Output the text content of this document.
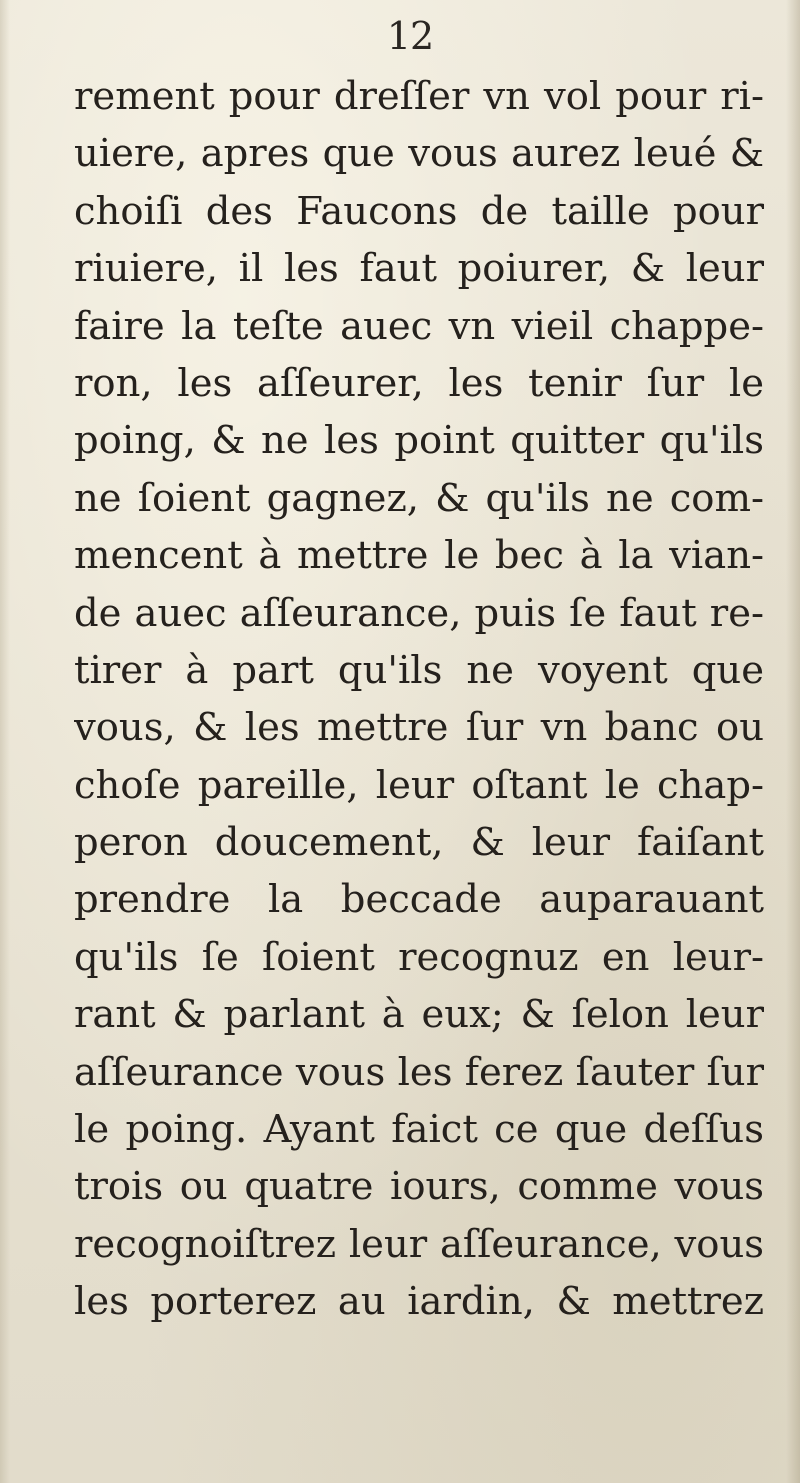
12
rement pour dreſſer vn vol pour ri-
uiere, apres que vous aurez leué &
choiſi des Faucons de taille pour
riuiere, il les faut poiurer, & leur
faire la teſte auec vn vieil chappe-
ron, les aſſeurer, les tenir ſur le
poing, & ne les point quitter qu'ils
ne ſoient gagnez, & qu'ils ne com-
mencent à mettre le bec à la vian-
de auec aſſeurance, puis ſe faut re-
tirer à part qu'ils ne voyent que
vous, & les mettre ſur vn banc ou
choſe pareille, leur oſtant le chap-
peron doucement, & leur faiſant
prendre la beccade auparauant
qu'ils ſe ſoient recognuz en leur-
rant & parlant à eux; & ſelon leur
aſſeurance vous les ferez ſauter ſur
le poing. Ayant faict ce que deſſus
trois ou quatre iours, comme vous
recognoiſtrez leur aſſeurance, vous
les porterez au iardin, & mettrez
